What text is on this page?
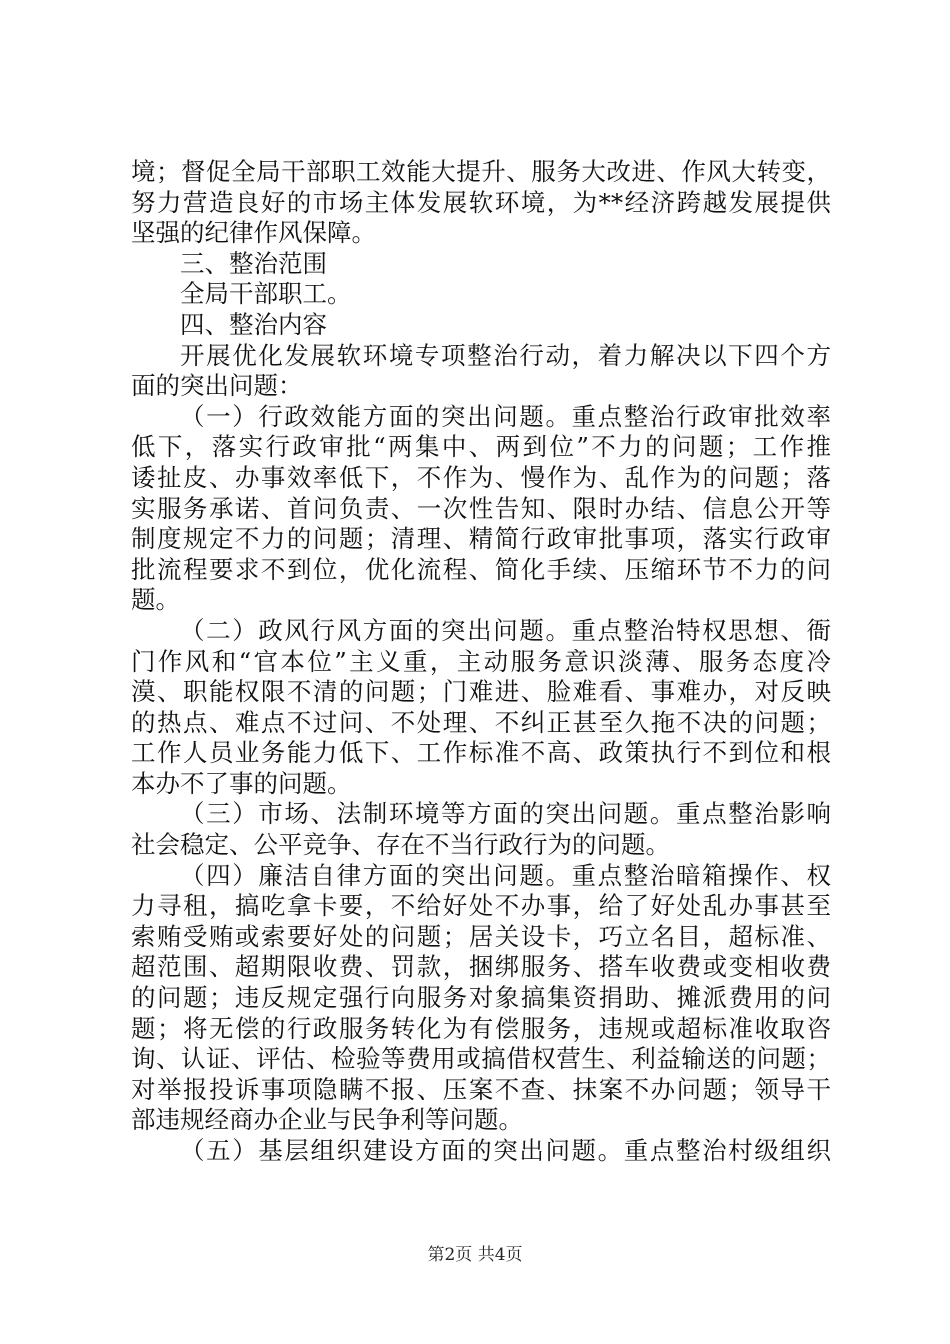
境；督促全局干部职工效能大提升、服务大改进、作风大转变，
努力营造良好的市场主体发展软环境，为**经济跨越发展提供
坚强的纪律作风保障。
三、整治范围
全局干部职工。
四、整治内容
开展优化发展软环境专项整治行动，着力解决以下四个方
面的突出问题：
（一）行政效能方面的突出问题。重点整治行政审批效率
低下，落实行政审批“两集中、两到位”不力的问题；工作推
诿扯皮、办事效率低下，不作为、慢作为、乱作为的问题；落
实服务承诺、首问负责、一次性告知、限时办结、信息公开等
制度规定不力的问题；清理、精简行政审批事项，落实行政审
批流程要求不到位，优化流程、简化手续、压缩环节不力的问
题。
（二）政风行风方面的突出问题。重点整治特权思想、衙
门作风和“官本位”主义重，主动服务意识淡薄、服务态度冷
漠、职能权限不清的问题；门难进、脸难看、事难办，对反映
的热点、难点不过问、不处理、不纠正甚至久拖不决的问题；
工作人员业务能力低下、工作标准不高、政策执行不到位和根
本办不了事的问题。
（三）市场、法制环境等方面的突出问题。重点整治影响
社会稳定、公平竞争、存在不当行政行为的问题。
（四）廉洁自律方面的突出问题。重点整治暗箱操作、权
力寻租，搞吃拿卡要，不给好处不办事，给了好处乱办事甚至
索贿受贿或索要好处的问题；居关设卡，巧立名目，超标准、
超范围、超期限收费、罚款，捆绑服务、搭车收费或变相收费
的问题；违反规定强行向服务对象搞集资捐助、摊派费用的问
题；将无偿的行政服务转化为有偿服务，违规或超标准收取咨
询、认证、评估、检验等费用或搞借权营生、利益输送的问题；
对举报投诉事项隐瞒不报、压案不查、抹案不办问题；领导干
部违规经商办企业与民争利等问题。
（五）基层组织建设方面的突出问题。重点整治村级组织
第2页 共4页
